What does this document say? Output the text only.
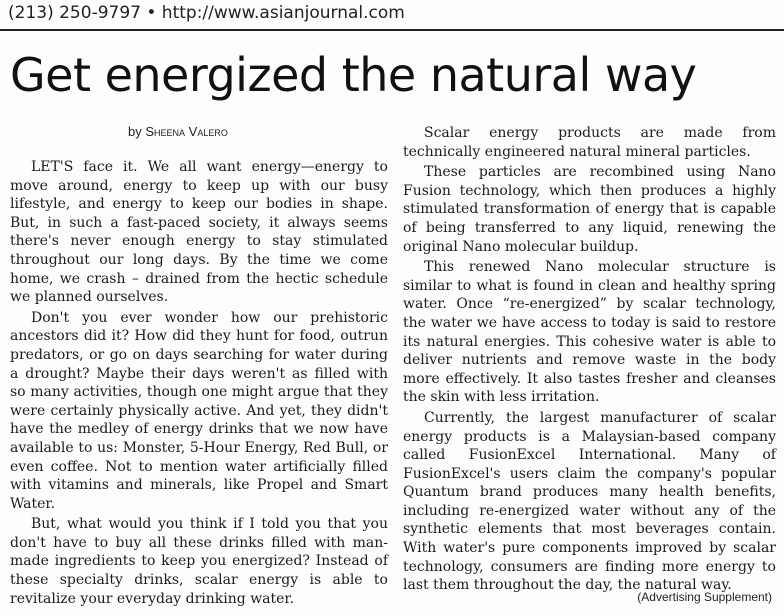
(213) 250-9797 • http://www.asianjournal.com
Get energized the natural way
by Sheena Valero

LET'S face it. We all want energy—energy to move around, energy to keep up with our busy lifestyle, and energy to keep our bodies in shape. But, in such a fast-paced society, it always seems there's never enough energy to stay stimulated throughout our long days. By the time we come home, we crash – drained from the hectic schedule we planned ourselves.

Don't you ever wonder how our prehistoric ancestors did it? How did they hunt for food, outrun predators, or go on days searching for water during a drought? Maybe their days weren't as filled with so many activities, though one might argue that they were certainly physically active. And yet, they didn't have the medley of energy drinks that we now have available to us: Monster, 5-Hour Energy, Red Bull, or even coffee. Not to mention water artificially filled with vitamins and minerals, like Propel and Smart Water.

But, what would you think if I told you that you don't have to buy all these drinks filled with man-made ingredients to keep you energized? Instead of these specialty drinks, scalar energy is able to revitalize your everyday drinking water.

Scalar energy products are made from technically engineered natural mineral particles.

These particles are recombined using Nano Fusion technology, which then produces a highly stimulated transformation of energy that is capable of being transferred to any liquid, renewing the original Nano molecular buildup.

This renewed Nano molecular structure is similar to what is found in clean and healthy spring water. Once “re-energized” by scalar technology, the water we have access to today is said to restore its natural energies. This cohesive water is able to deliver nutrients and remove waste in the body more effectively. It also tastes fresher and cleanses the skin with less irritation.

Currently, the largest manufacturer of scalar energy products is a Malaysian-based company called FusionExcel International. Many of FusionExcel's users claim the company's popular Quantum brand produces many health benefits, including re-energized water without any of the synthetic elements that most beverages contain. With water's pure components improved by scalar technology, consumers are finding more energy to last them throughout the day, the natural way.

(Advertising Supplement)
